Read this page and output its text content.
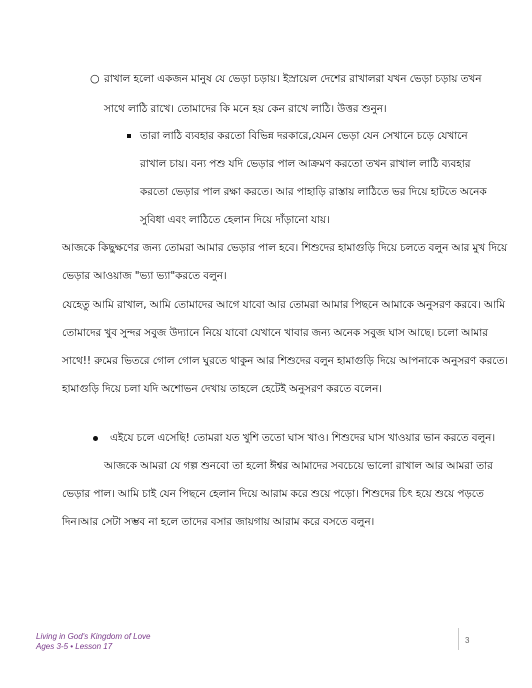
○ রাখাল হলো একজন মানুষ যে ভেড়া চড়ায়। ইস্রায়েল দেশের রাখালরা যখন ভেড়া চড়ায় তখন
সাথে লাঠি রাখে। তোমাদের কি মনে হয় কেন রাখে লাঠি। উত্তর শুনুন।
তারা লাঠি ব্যবহার করতো বিভিন্ন দরকারে,যেমন ভেড়া যেন সেখানে চড়ে যেখানে
রাখাল চায়। বন্য পশু যদি ভেড়ার পাল আক্রমণ করতো তখন রাখাল লাঠি ব্যবহার
করতো ভেড়ার পাল রক্ষা করতে। আর পাহাড়ি রাস্তায় লাঠিতে ভর দিয়ে হাটতে অনেক
সুবিধা এবং লাঠিতে হেলান দিয়ে দাঁড়ানো যায়।
আজকে কিছুক্ষণের জন্য তোমরা আমার ভেড়ার পাল হবে। শিশুদের হামাগুড়ি দিয়ে চলতে বলুন আর মুখ দিয়ে
ভেড়ার আওয়াজ "ভ্যা ভ্যা"করতে বলুন।
যেহেতু আমি রাখাল, আমি তোমাদের আগে যাবো আর তোমরা আমার পিছনে আমাকে অনুসরণ করবে। আমি
তোমাদের খুব সুন্দর সবুজ উদ্যানে নিয়ে যাবো যেখানে খাবার জন্য অনেক সবুজ ঘাস আছে। চলো আমার
সাথে!! রুমের ভিতরে গোল গোল ঘুরতে থাকুন আর শিশুদের বলুন হামাগুড়ি দিয়ে আপনাকে অনুসরণ করতে।
হামাগুড়ি দিয়ে চলা যদি অশোভন দেখায় তাহলে হেটেই অনুসরণ করতে বলেন।
এইযে চলে এসেছি! তোমরা যত খুশি ততো ঘাস খাও। শিশুদের ঘাস খাওয়ার ভান করতে বলুন।
আজকে আমরা যে গল্প শুনবো তা হলো ঈশ্বর আমাদের সবচেয়ে ভালো রাখাল আর আমরা তার
ভেড়ার পাল। আমি চাই যেন পিছনে হেলান দিয়ে আরাম করে শুয়ে পড়ো। শিশুদের চিৎ হয়ে শুয়ে পড়তে
দিন।আর সেটা সম্ভব না হলে তাদের বসার জায়গায় আরাম করে বসতে বলুন।
Living in God's Kingdom of Love
Ages 3-5 • Lesson 17
3
